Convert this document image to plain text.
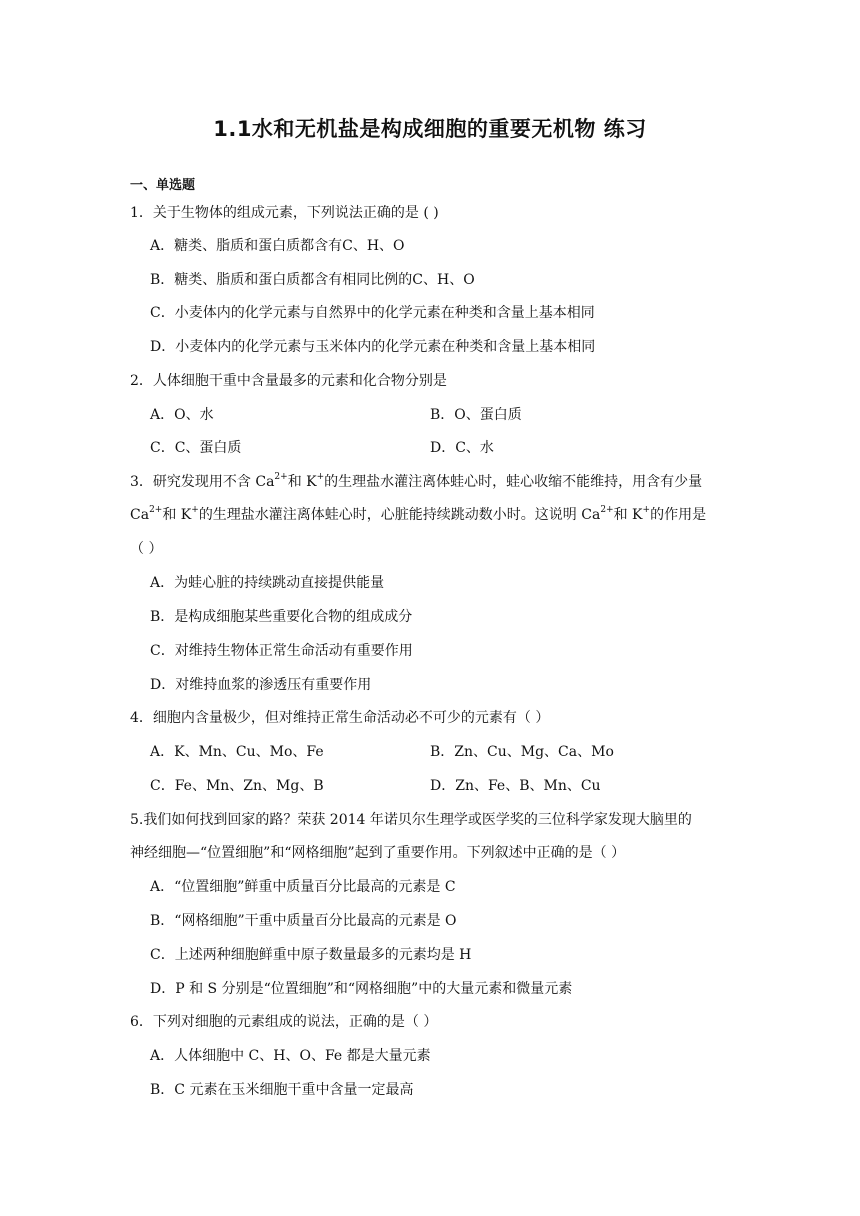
1.1水和无机盐是构成细胞的重要无机物 练习
一、单选题
1．关于生物体的组成元素，下列说法正确的是 ( )
A．糖类、脂质和蛋白质都含有C、H、O
B．糖类、脂质和蛋白质都含有相同比例的C、H、O
C．小麦体内的化学元素与自然界中的化学元素在种类和含量上基本相同
D．小麦体内的化学元素与玉米体内的化学元素在种类和含量上基本相同
2．人体细胞干重中含量最多的元素和化合物分别是
A．O、水	B．O、蛋白质
C．C、蛋白质	D．C、水
3．研究发现用不含 $Ca^{2+}$和 K+的生理盐水灌注离体蛙心时，蛙心收缩不能维持，用含有少量
$Ca^{2+}$和 K+的生理盐水灌注离体蛙心时，心脏能持续跳动数小时。这说明 $Ca^{2+}$和 K+的作用是
（ ）
A．为蛙心脏的持续跳动直接提供能量
B．是构成细胞某些重要化合物的组成成分
C．对维持生物体正常生命活动有重要作用
D．对维持血浆的渗透压有重要作用
4．细胞内含量极少，但对维持正常生命活动必不可少的元素有（ ）
A．K、Mn、Cu、Mo、Fe	B．Zn、Cu、Mg、Ca、Mo
C．Fe、Mn、Zn、Mg、B	D．Zn、Fe、B、Mn、Cu
5.我们如何找到回家的路？荣获 2014 年诺贝尔生理学或医学奖的三位科学家发现大脑里的
神经细胞—“位置细胞”和“网格细胞”起到了重要作用。下列叙述中正确的是（ ）
A．“位置细胞”鲜重中质量百分比最高的元素是 C
B．“网格细胞”干重中质量百分比最高的元素是 O
C．上述两种细胞鲜重中原子数量最多的元素均是 H
D．P 和 S 分别是“位置细胞”和“网格细胞”中的大量元素和微量元素
6．下列对细胞的元素组成的说法，正确的是（ ）
A．人体细胞中 C、H、O、Fe 都是大量元素
B．C 元素在玉米细胞干重中含量一定最高
